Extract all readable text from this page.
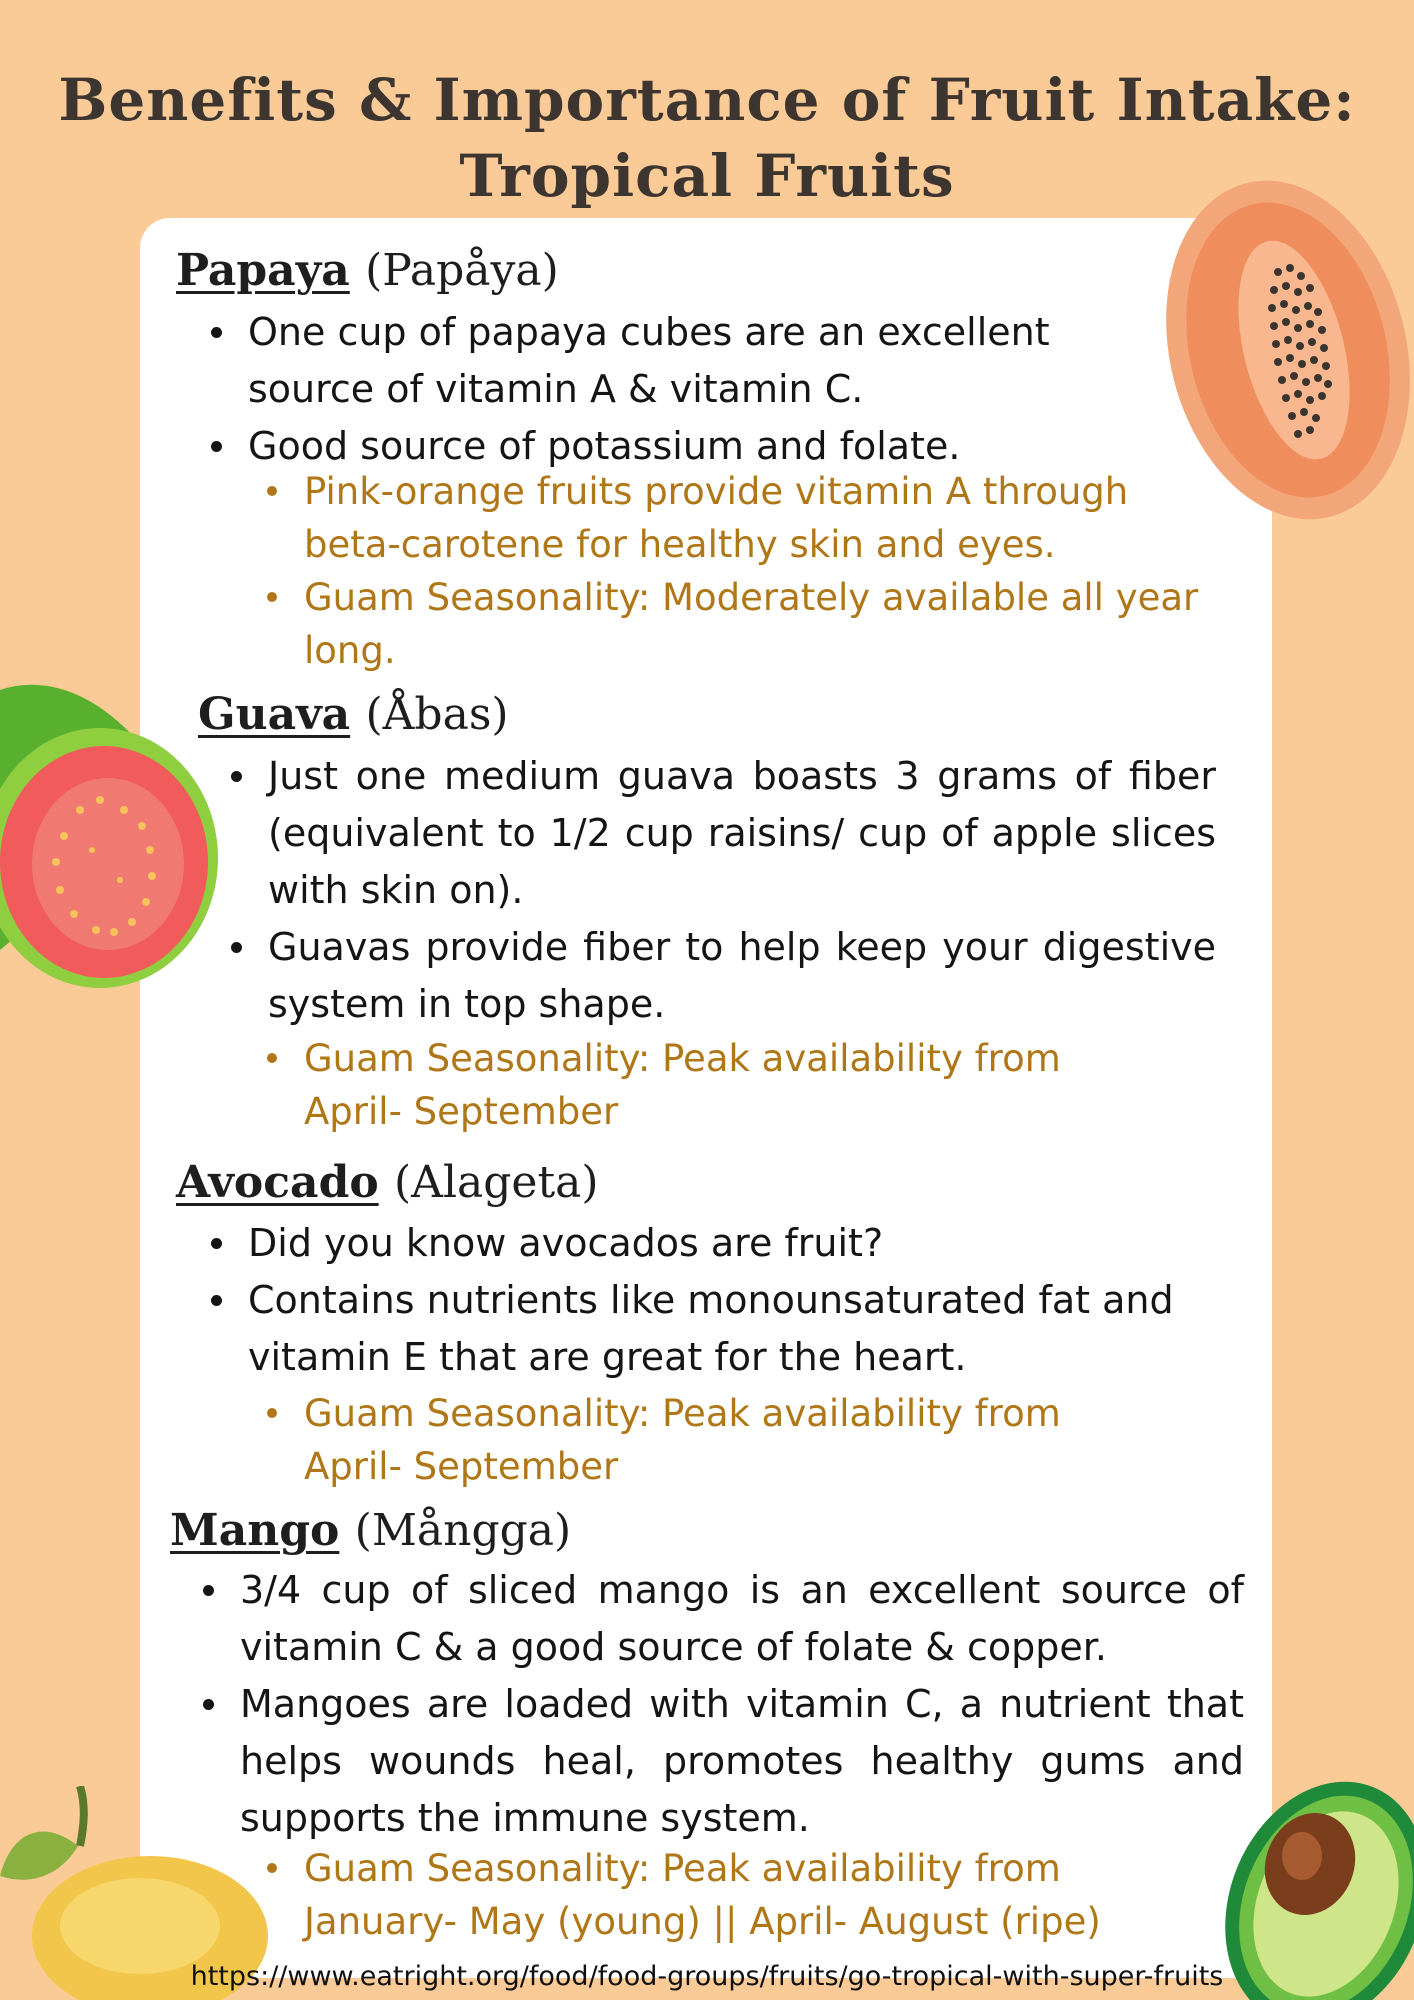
Benefits & Importance of Fruit Intake:
Tropical Fruits
Papaya (Papåya)
One cup of papaya cubes are an excellent source of vitamin A & vitamin C.
Good source of potassium and folate.
Pink-orange fruits provide vitamin A through beta-carotene for healthy skin and eyes.
Guam Seasonality: Moderately available all year long.
Guava (Åbas)
Just one medium guava boasts 3 grams of fiber (equivalent to 1/2 cup raisins/ cup of apple slices with skin on).
Guavas provide fiber to help keep your digestive system in top shape.
Guam Seasonality: Peak availability from April- September
Avocado (Alageta)
Did you know avocados are fruit?
Contains nutrients like monounsaturated fat and vitamin E that are great for the heart.
Guam Seasonality: Peak availability from April- September
Mango (Mångga)
3/4 cup of sliced mango is an excellent source of vitamin C & a good source of folate & copper.
Mangoes are loaded with vitamin C, a nutrient that helps wounds heal, promotes healthy gums and supports the immune system.
Guam Seasonality: Peak availability from January- May (young) || April- August (ripe)
https://www.eatright.org/food/food-groups/fruits/go-tropical-with-super-fruits
